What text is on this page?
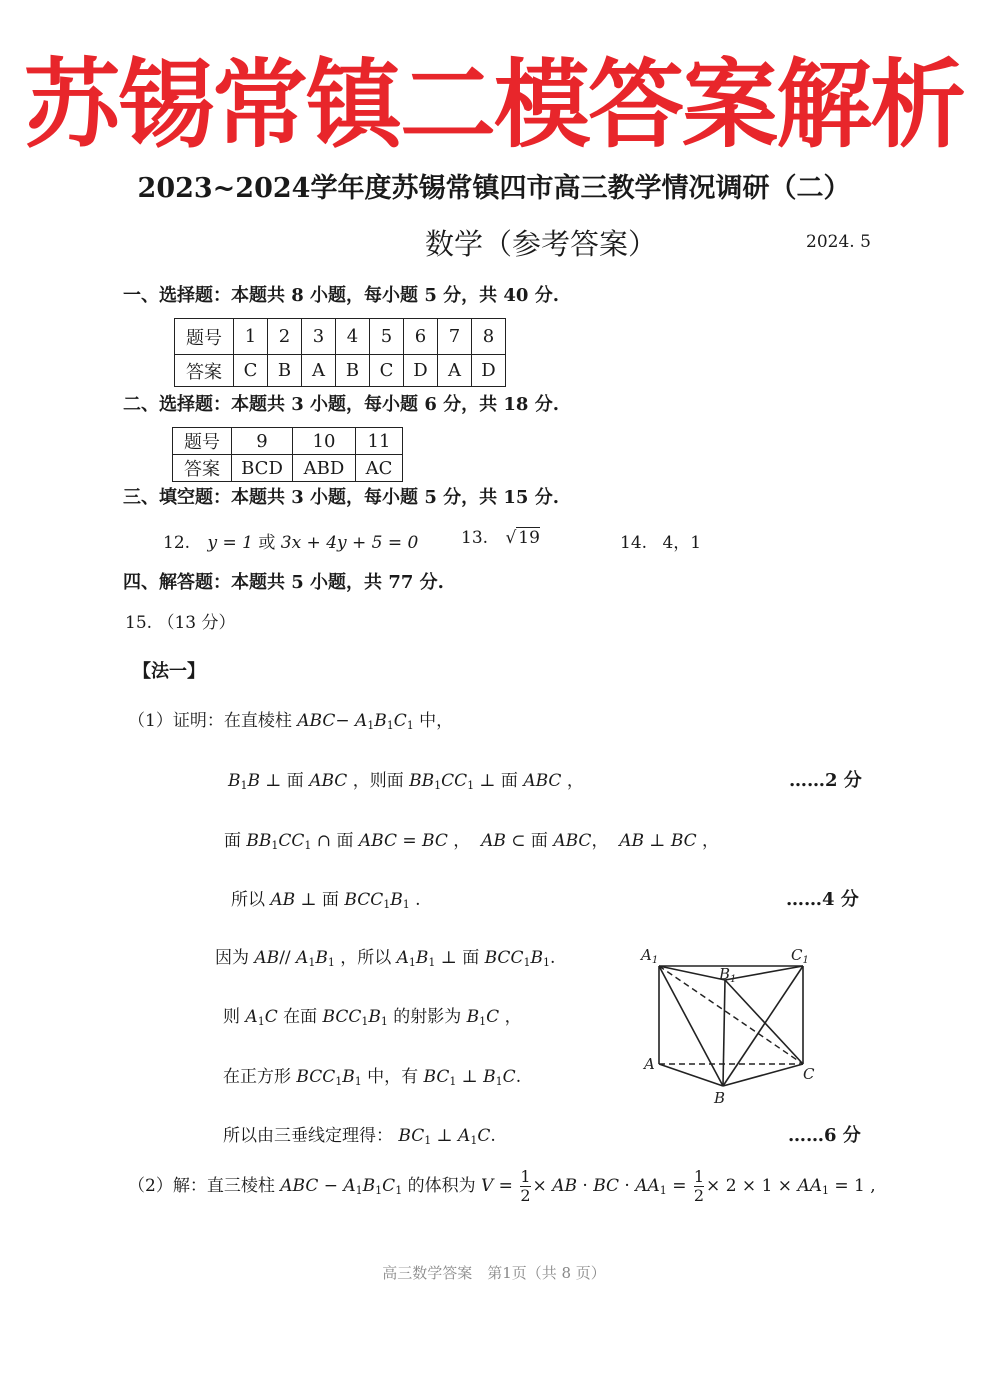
苏锡常镇二模答案解析
2023~2024学年度苏锡常镇四市高三教学情况调研（二）
数学（参考答案）	2024. 5
一、选择题：本题共 8 小题，每小题 5 分，共 40 分.
题号	1	2	3	4	5	6	7	8
答案	C	B	A	B	C	D	A	D
二、选择题：本题共 3 小题，每小题 6 分，共 18 分.
题号	9	10	11
答案	BCD	ABD	AC
三、填空题：本题共 3 小题，每小题 5 分，共 15 分.
12. y = 1 或 3x + 4y + 5 = 0	13. √ 19	14. 4，1
四、解答题：本题共 5 小题，共 77 分.
15. （13 分）
【法一】
（1）证明：在直棱柱 $ABC- A_1B_1C_1$ 中，
$B_1B$ ⊥ 面 ABC ，则面 $BB_1CC_1$ ⊥ 面 ABC ，	……2 分
面 $BB_1CC_1$ ∩ 面 ABC = BC ，  AB ⊂ 面 ABC，  AB ⊥ BC ，
所以 AB ⊥ 面 $BCC_1B_1$ .	……4 分
因为 AB// $A_1B_1$ ，所以 $A_1B_1$ ⊥ 面 $BCC_1B_1$.
则 $A_1C$ 在面 $BCC_1B_1$ 的射影为 $B_1C$ ，
在正方形 $BCC_1B_1$ 中，有 $BC_1$ ⊥ $B_1C$.
所以由三垂线定理得： $BC_1$ ⊥ $A_1C$.	……6 分
（2）解：直三棱柱 ABC − $A_1B_1C_1$ 的体积为 $V = \frac{1}{2}$ × AB · BC · $AA_1 = \frac{1}{2} \times 2 \times 1 \times AA_1 = 1$ ,
$A_1$	$C_1$
$B_1$
A
C
B
高三数学答案　第1页（共 8 页）
